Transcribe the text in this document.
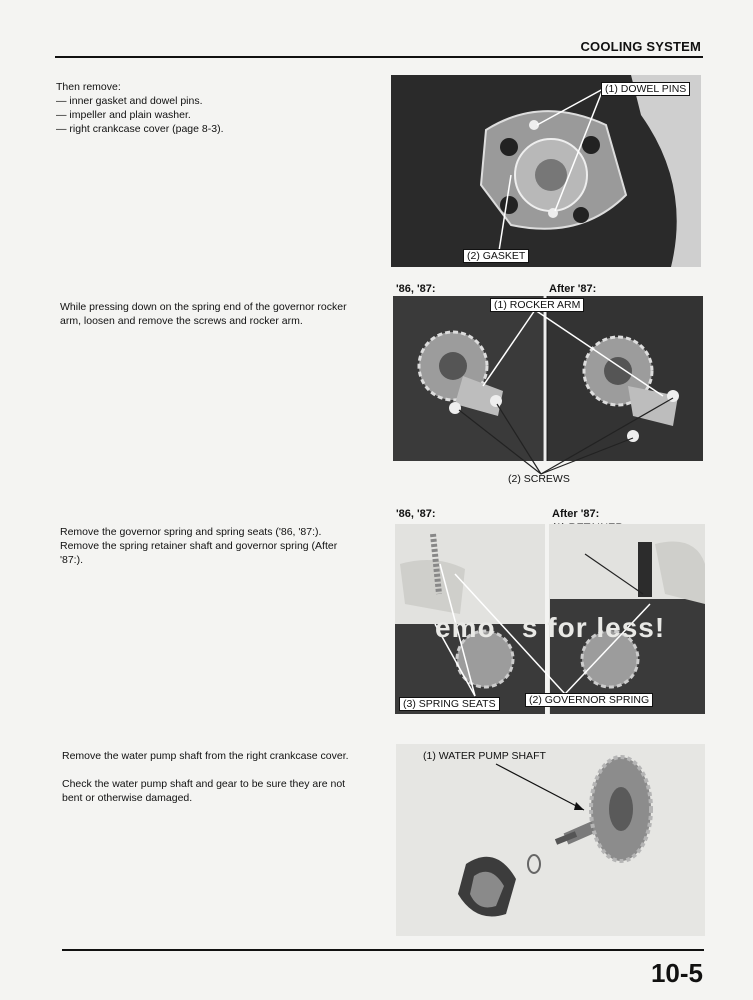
COOLING SYSTEM
Then remove:
— inner gasket and dowel pins.
— impeller and plain washer.
— right crankcase cover (page 8-3).
(1) DOWEL PINS
(2) GASKET
While pressing down on the spring end of the governor rocker
arm, loosen and remove the screws and rocker arm.
'86, '87:	After '87:
(1) ROCKER ARM
(2) SCREWS
Remove the governor spring and spring seats ('86, '87:).
Remove the spring retainer shaft and governor spring (After
'87:).
'86, '87:	After '87:
emo   s for less!
(3) SPRING SEATS	(2) GOVERNOR SPRING
Remove the water pump shaft from the right crankcase cover.
Check the water pump shaft and gear to be sure they are not
bent or otherwise damaged.
(1) WATER PUMP SHAFT
10-5
